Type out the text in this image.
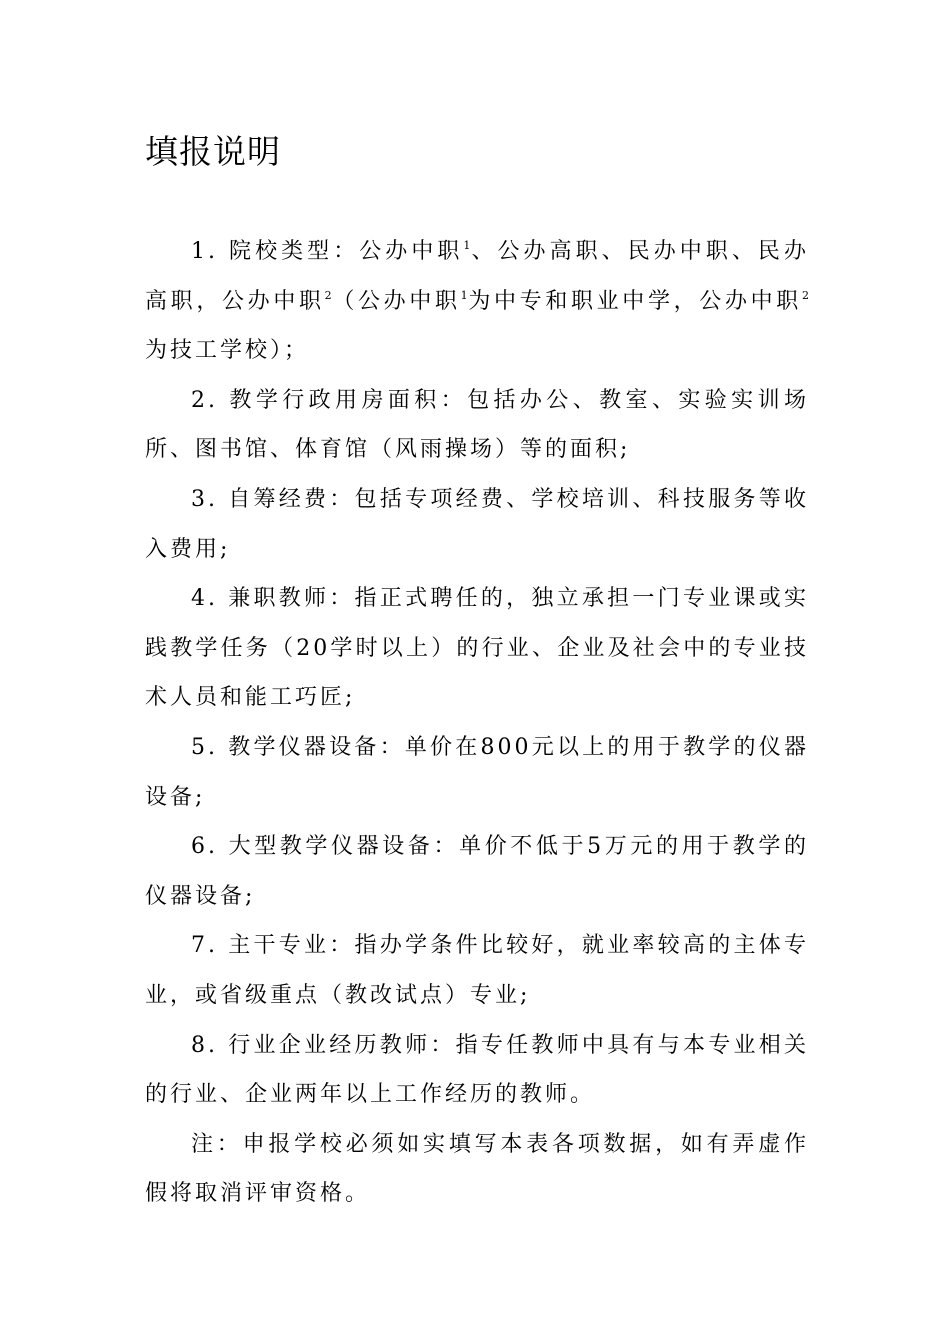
填报说明

1. 院校类型：公办中职$^1$、公办高职、民办中职、民办高职，公办中职$^2$（公办中职$^1$为中专和职业中学，公办中职$^2$为技工学校）；

2. 教学行政用房面积：包括办公、教室、实验实训场所、图书馆、体育馆（风雨操场）等的面积;

3. 自筹经费：包括专项经费、学校培训、科技服务等收入费用;

4. 兼职教师：指正式聘任的，独立承担一门专业课或实践教学任务（20学时以上）的行业、企业及社会中的专业技术人员和能工巧匠;

5. 教学仪器设备：单价在800元以上的用于教学的仪器设备;

6. 大型教学仪器设备：单价不低于5万元的用于教学的仪器设备;

7. 主干专业：指办学条件比较好，就业率较高的主体专业，或省级重点（教改试点）专业;

8. 行业企业经历教师：指专任教师中具有与本专业相关的行业、企业两年以上工作经历的教师。

注：申报学校必须如实填写本表各项数据，如有弄虚作假将取消评审资格。
